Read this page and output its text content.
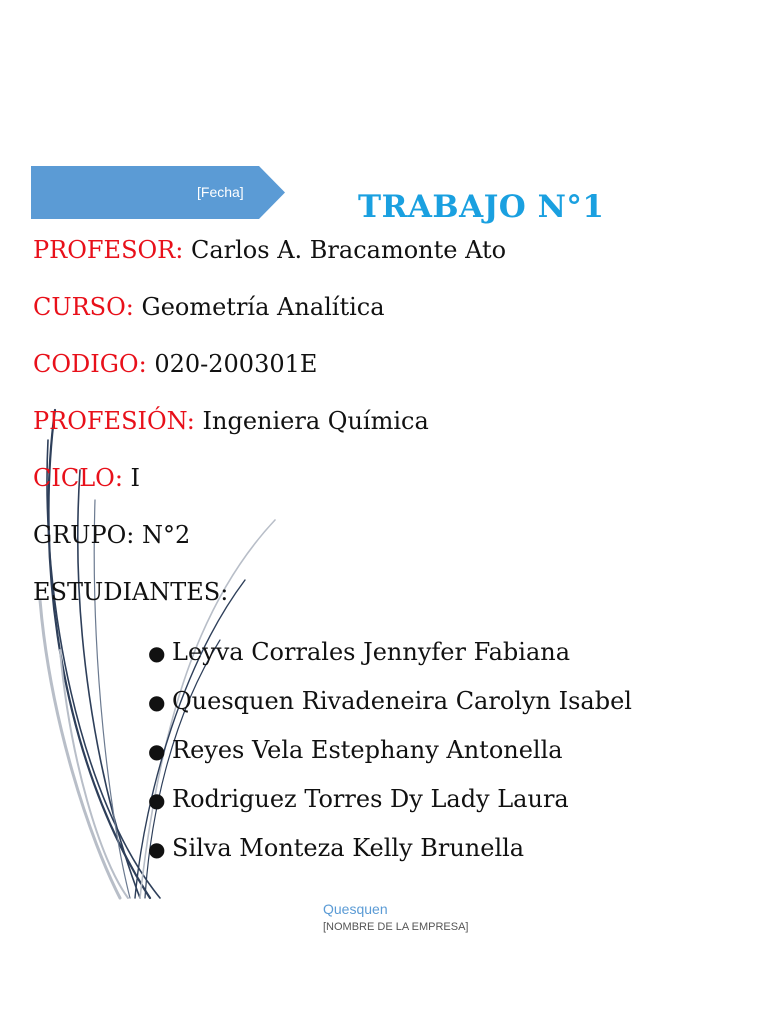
[Fecha]	TRABAJO N°1
PROFESOR: Carlos A. Bracamonte Ato
CURSO: Geometría Analítica
CODIGO: 020-200301E
PROFESIÓN: Ingeniera Química
CICLO: I
GRUPO: N°2
ESTUDIANTES:
● Leyva Corrales Jennyfer Fabiana
● Quesquen Rivadeneira Carolyn Isabel
● Reyes Vela Estephany Antonella
● Rodriguez Torres Dy Lady Laura
● Silva Monteza Kelly Brunella
Quesquen
[NOMBRE DE LA EMPRESA]
